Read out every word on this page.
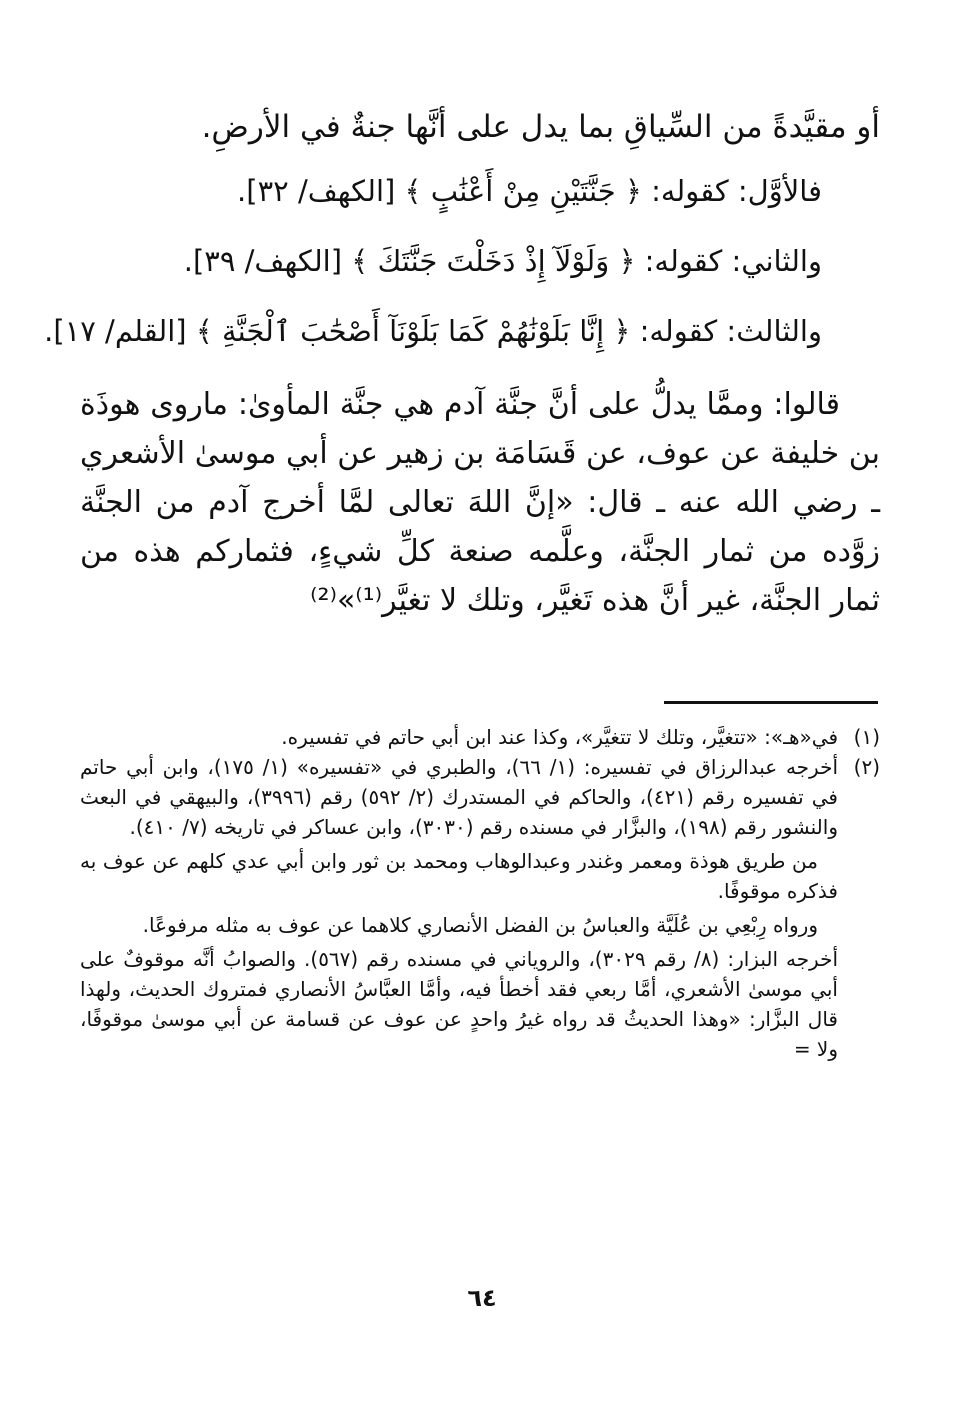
أو مقيَّدةً من السِّياقِ بما يدل على أنَّها جنةٌ في الأرضِ.
فالأوَّل: كقوله: ﴿ جَنَّتَيْنِ مِنْ أَعْنَٰبٍ ﴾ [الكهف/ ٣٢].
والثاني: كقوله: ﴿ وَلَوْلَآ إِذْ دَخَلْتَ جَنَّتَكَ ﴾ [الكهف/ ٣٩].
والثالث: كقوله: ﴿ إِنَّا بَلَوْنَٰهُمْ كَمَا بَلَوْنَآ أَصْحَٰبَ ٱلْجَنَّةِ ﴾ [القلم/ ١٧].
قالوا: وممَّا يدلُّ على أنَّ جنَّة آدم هي جنَّة المأوىٰ: ماروى هوذَة بن خليفة عن عوف، عن قَسَامَة بن زهير عن أبي موسىٰ الأشعري ـ رضي الله عنه ـ قال: «إنَّ اللهَ تعالى لمَّا أخرج آدم من الجنَّة زوَّده من ثمار الجنَّة، وعلَّمه صنعة كلِّ شيءٍ، فثماركم هذه من ثمار الجنَّة، غير أنَّ هذه تَغيَّر، وتلك لا تغيَّر⁽¹⁾»⁽²⁾
(١)
في«هـ»: «تتغيَّر، وتلك لا تتغيَّر»، وكذا عند ابن أبي حاتم في تفسيره.
(٢)
أخرجه عبدالرزاق في تفسيره: (١/ ٦٦)، والطبري في «تفسيره» (١/ ١٧٥)، وابن أبي حاتم في تفسيره رقم (٤٢١)، والحاكم في المستدرك (٢/ ٥٩٢) رقم (٣٩٩٦)، والبيهقي في البعث والنشور رقم (١٩٨)، والبزَّار في مسنده رقم (٣٠٣٠)، وابن عساكر في تاريخه (٧/ ٤١٠).
من طريق هوذة ومعمر وغندر وعبدالوهاب ومحمد بن ثور وابن أبي عدي كلهم عن عوف به فذكره موقوفًا.
ورواه رِبْعِي بن عُلَيَّة والعباسُ بن الفضل الأنصاري كلاهما عن عوف به مثله مرفوعًا.
أخرجه البزار: (٨/ رقم ٣٠٢٩)، والروياني في مسنده رقم (٥٦٧). والصوابُ أنَّه موقوفٌ على أبي موسىٰ الأشعري، أمَّا ربعي فقد أخطأ فيه، وأمَّا العبَّاسُ الأنصاري فمتروك الحديث، ولهذا قال البزَّار: «وهذا الحديثُ قد رواه غيرُ واحدٍ عن عوف عن قسامة عن أبي موسىٰ موقوفًا، ولا =
٦٤
